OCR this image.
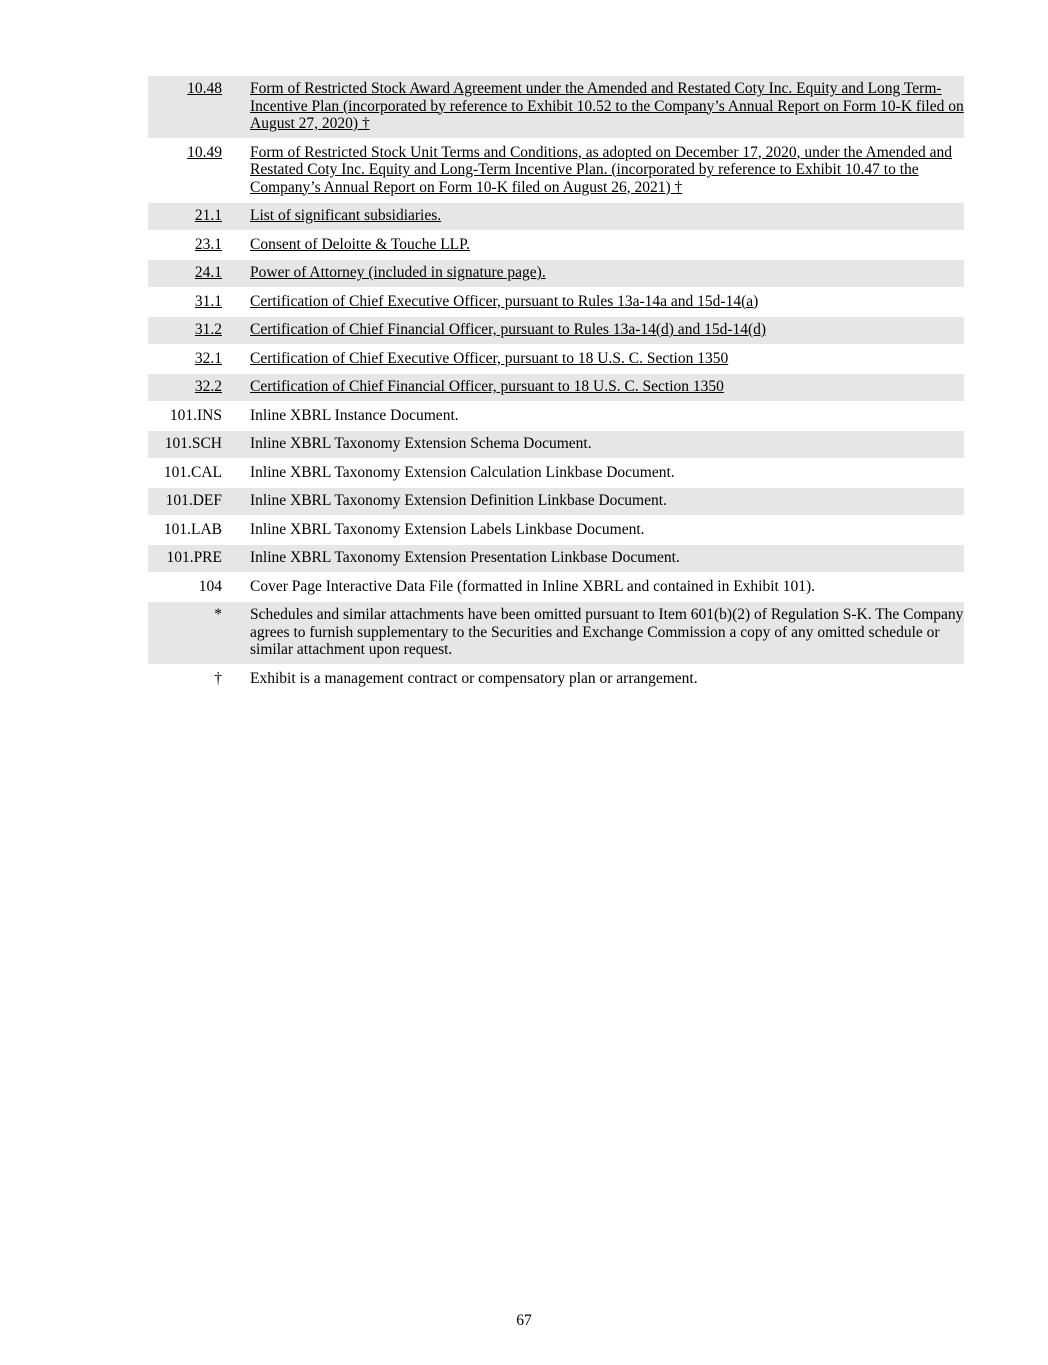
10.48	Form of Restricted Stock Award Agreement under the Amended and Restated Coty Inc. Equity and Long Term-Incentive Plan (incorporated by reference to Exhibit 10.52 to the Company’s Annual Report on Form 10-K filed on August 27, 2020) †
10.49	Form of Restricted Stock Unit Terms and Conditions, as adopted on December 17, 2020, under the Amended and Restated Coty Inc. Equity and Long-Term Incentive Plan. (incorporated by reference to Exhibit 10.47 to the Company’s Annual Report on Form 10-K filed on August 26, 2021) †
21.1	List of significant subsidiaries.
23.1	Consent of Deloitte & Touche LLP.
24.1	Power of Attorney (included in signature page).
31.1	Certification of Chief Executive Officer, pursuant to Rules 13a-14a and 15d-14(a)
31.2	Certification of Chief Financial Officer, pursuant to Rules 13a-14(d) and 15d-14(d)
32.1	Certification of Chief Executive Officer, pursuant to 18 U.S. C. Section 1350
32.2	Certification of Chief Financial Officer, pursuant to 18 U.S. C. Section 1350
101.INS	Inline XBRL Instance Document.
101.SCH	Inline XBRL Taxonomy Extension Schema Document.
101.CAL	Inline XBRL Taxonomy Extension Calculation Linkbase Document.
101.DEF	Inline XBRL Taxonomy Extension Definition Linkbase Document.
101.LAB	Inline XBRL Taxonomy Extension Labels Linkbase Document.
101.PRE	Inline XBRL Taxonomy Extension Presentation Linkbase Document.
104	Cover Page Interactive Data File (formatted in Inline XBRL and contained in Exhibit 101).
*	Schedules and similar attachments have been omitted pursuant to Item 601(b)(2) of Regulation S-K. The Company agrees to furnish supplementary to the Securities and Exchange Commission a copy of any omitted schedule or similar attachment upon request.
†	Exhibit is a management contract or compensatory plan or arrangement.
67
